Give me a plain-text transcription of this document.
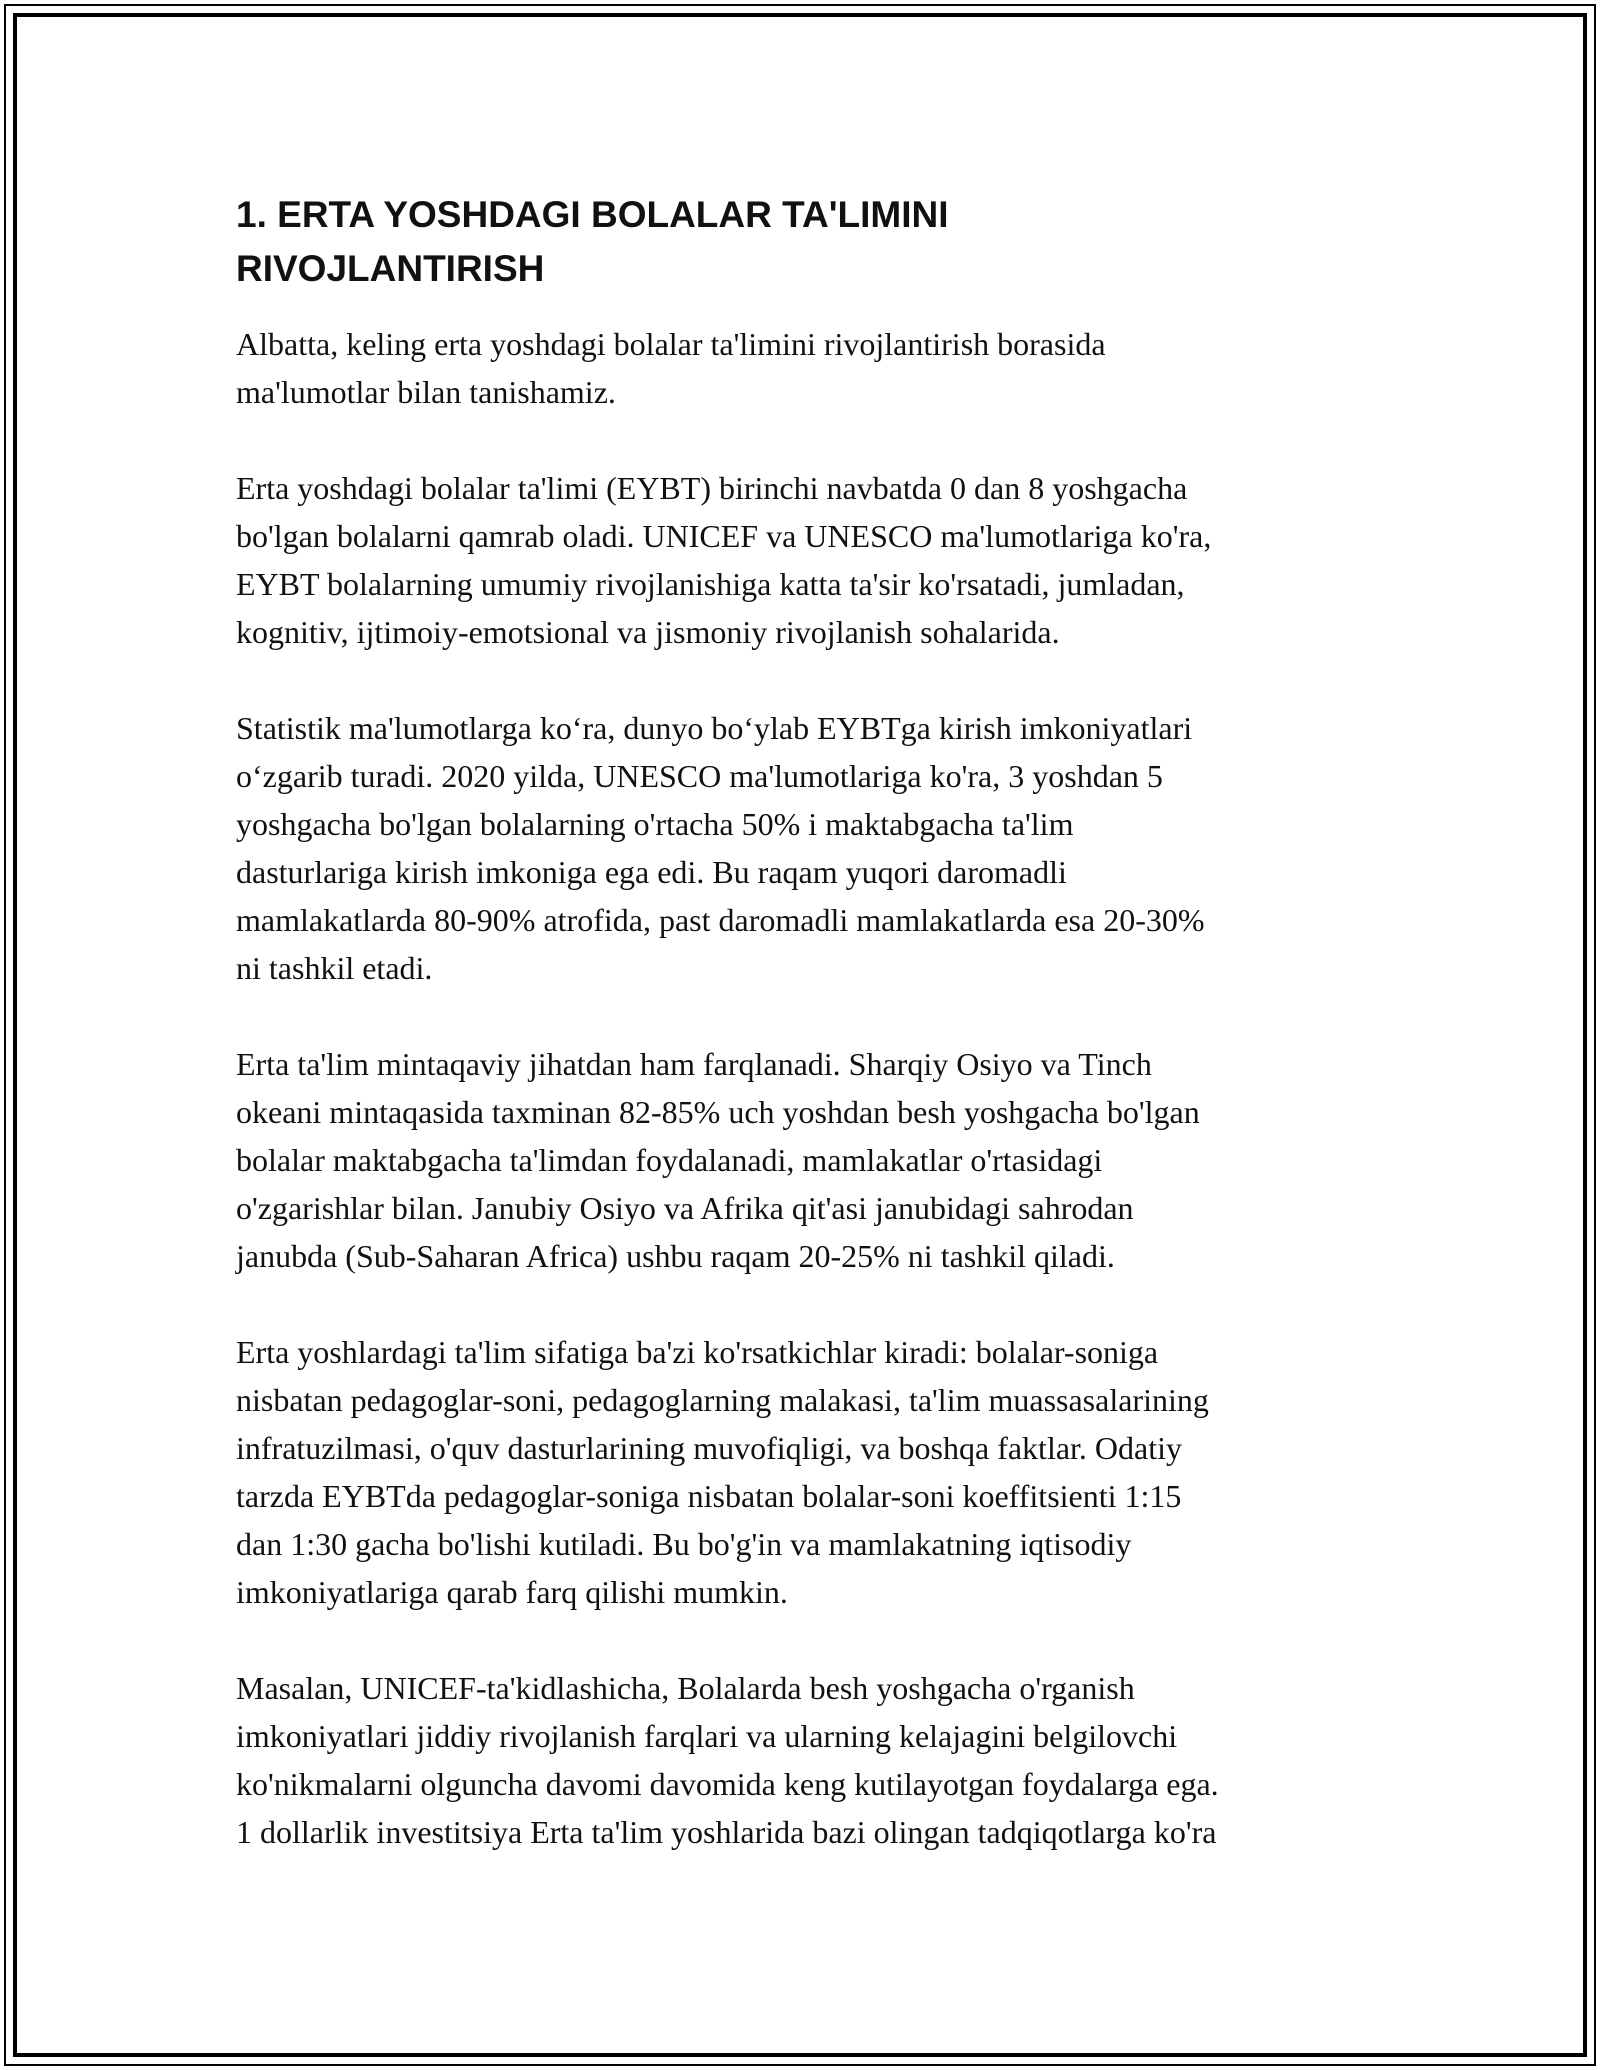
1. ERTA YOSHDAGI BOLALAR TA'LIMINI
RIVOJLANTIRISH

Albatta, keling erta yoshdagi bolalar ta'limini rivojlantirish borasida
ma'lumotlar bilan tanishamiz.

Erta yoshdagi bolalar ta'limi (EYBT) birinchi navbatda 0 dan 8 yoshgacha
bo'lgan bolalarni qamrab oladi. UNICEF va UNESCO ma'lumotlariga ko'ra,
EYBT bolalarning umumiy rivojlanishiga katta ta'sir ko'rsatadi, jumladan,
kognitiv, ijtimoiy-emotsional va jismoniy rivojlanish sohalarida.

Statistik ma'lumotlarga ko‘ra, dunyo bo‘ylab EYBTga kirish imkoniyatlari
o‘zgarib turadi. 2020 yilda, UNESCO ma'lumotlariga ko'ra, 3 yoshdan 5
yoshgacha bo'lgan bolalarning o'rtacha 50% i maktabgacha ta'lim
dasturlariga kirish imkoniga ega edi. Bu raqam yuqori daromadli
mamlakatlarda 80-90% atrofida, past daromadli mamlakatlarda esa 20-30%
ni tashkil etadi.

Erta ta'lim mintaqaviy jihatdan ham farqlanadi. Sharqiy Osiyo va Tinch
okeani mintaqasida taxminan 82-85% uch yoshdan besh yoshgacha bo'lgan
bolalar maktabgacha ta'limdan foydalanadi, mamlakatlar o'rtasidagi
o'zgarishlar bilan. Janubiy Osiyo va Afrika qit'asi janubidagi sahrodan
janubda (Sub-Saharan Africa) ushbu raqam 20-25% ni tashkil qiladi.

Erta yoshlardagi ta'lim sifatiga ba'zi ko'rsatkichlar kiradi: bolalar-soniga
nisbatan pedagoglar-soni, pedagoglarning malakasi, ta'lim muassasalarining
infratuzilmasi, o'quv dasturlarining muvofiqligi, va boshqa faktlar. Odatiy
tarzda EYBTda pedagoglar-soniga nisbatan bolalar-soni koeffitsienti 1:15
dan 1:30 gacha bo'lishi kutiladi. Bu bo'g'in va mamlakatning iqtisodiy
imkoniyatlariga qarab farq qilishi mumkin.

Masalan, UNICEF-ta'kidlashicha, Bolalarda besh yoshgacha o'rganish
imkoniyatlari jiddiy rivojlanish farqlari va ularning kelajagini belgilovchi
ko'nikmalarni olguncha davomi davomida keng kutilayotgan foydalarga ega.
1 dollarlik investitsiya Erta ta'lim yoshlarida bazi olingan tadqiqotlarga ko'ra
